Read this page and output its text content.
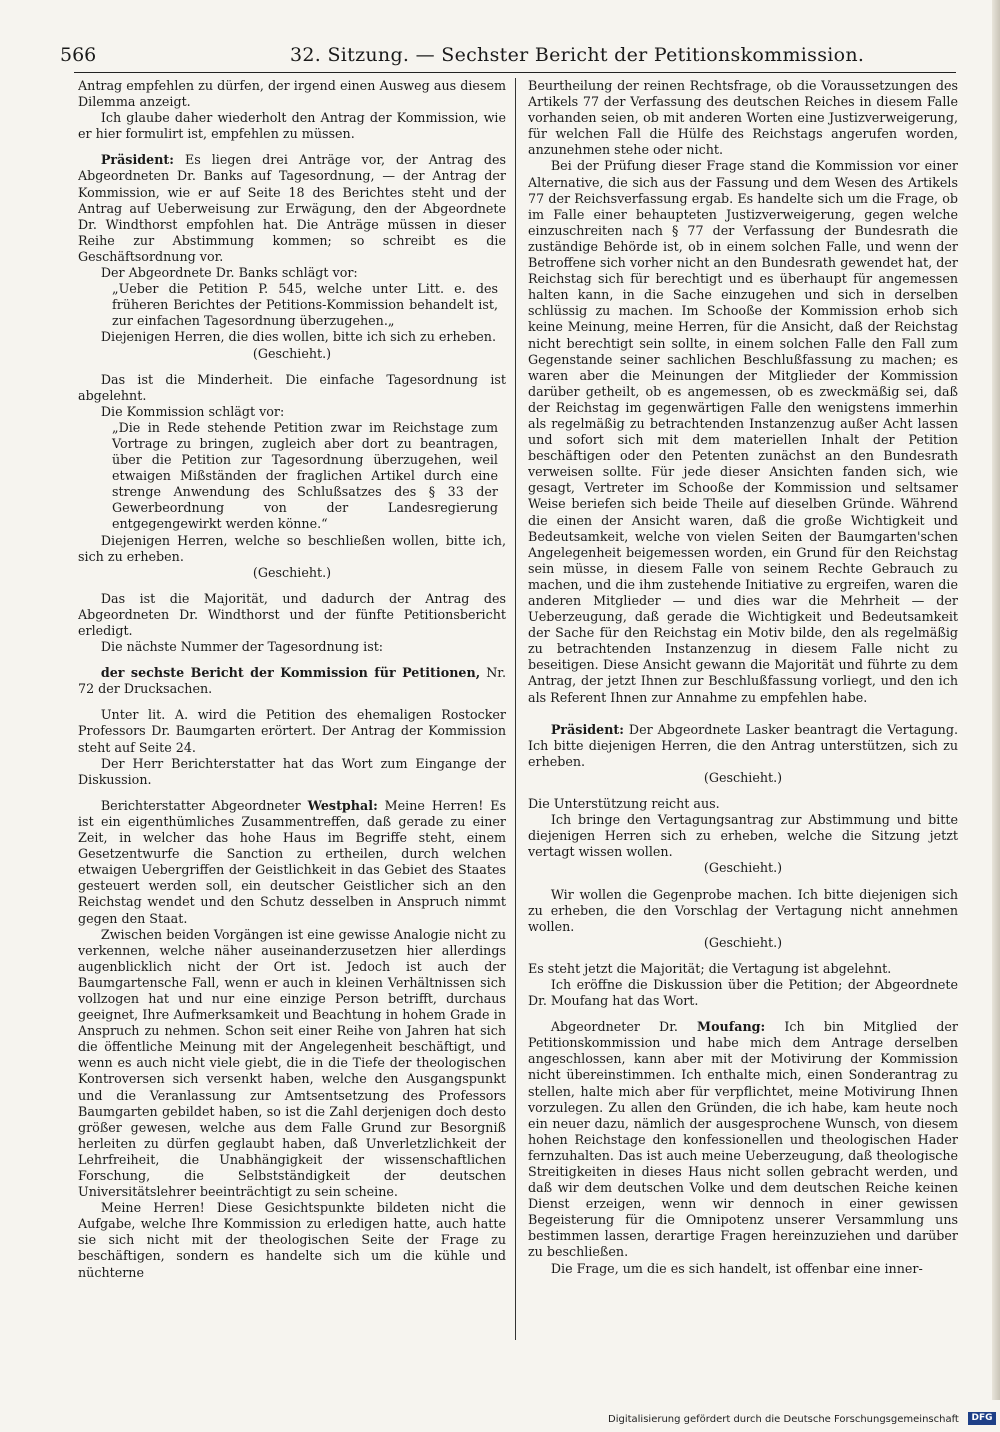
566	32. Sitzung. — Sechster Bericht der Petitionskommission.

Antrag empfehlen zu dürfen, der irgend einen Ausweg aus diesem Dilemma anzeigt.

Ich glaube daher wiederholt den Antrag der Kommission, wie er hier formulirt ist, empfehlen zu müssen.

Präsident: Es liegen drei Anträge vor, der Antrag des Abgeordneten Dr. Banks auf Tagesordnung, — der Antrag der Kommission, wie er auf Seite 18 des Berichtes steht und der Antrag auf Ueberweisung zur Erwägung, den der Abgeordnete Dr. Windthorst empfohlen hat. Die Anträge müssen in dieser Reihe zur Abstimmung kommen; so schreibt es die Geschäftsordnung vor.

Der Abgeordnete Dr. Banks schlägt vor:

„Ueber die Petition P. 545, welche unter Litt. e. des früheren Berichtes der Petitions-Kommission behandelt ist, zur einfachen Tagesordnung überzugehen.„

Diejenigen Herren, die dies wollen, bitte ich sich zu erheben.

(Geschieht.)

Das ist die Minderheit. Die einfache Tagesordnung ist abgelehnt.

Die Kommission schlägt vor:

„Die in Rede stehende Petition zwar im Reichstage zum Vortrage zu bringen, zugleich aber dort zu beantragen, über die Petition zur Tagesordnung überzugehen, weil etwaigen Mißständen der fraglichen Artikel durch eine strenge Anwendung des Schlußsatzes des § 33 der Gewerbeordnung von der Landesregierung entgegengewirkt werden könne.“

Diejenigen Herren, welche so beschließen wollen, bitte ich, sich zu erheben.

(Geschieht.)

Das ist die Majorität, und dadurch der Antrag des Abgeordneten Dr. Windthorst und der fünfte Petitionsbericht erledigt.

Die nächste Nummer der Tagesordnung ist:

der sechste Bericht der Kommission für Petitionen, Nr. 72 der Drucksachen.

Unter lit. A. wird die Petition des ehemaligen Rostocker Professors Dr. Baumgarten erörtert. Der Antrag der Kommission steht auf Seite 24.

Der Herr Berichterstatter hat das Wort zum Eingange der Diskussion.

Berichterstatter Abgeordneter Westphal: Meine Herren! Es ist ein eigenthümliches Zusammentreffen, daß gerade zu einer Zeit, in welcher das hohe Haus im Begriffe steht, einem Gesetzentwurfe die Sanction zu ertheilen, durch welchen etwaigen Uebergriffen der Geistlichkeit in das Gebiet des Staates gesteuert werden soll, ein deutscher Geistlicher sich an den Reichstag wendet und den Schutz desselben in Anspruch nimmt gegen den Staat.

Zwischen beiden Vorgängen ist eine gewisse Analogie nicht zu verkennen, welche näher auseinanderzusetzen hier allerdings augenblicklich nicht der Ort ist. Jedoch ist auch der Baumgartensche Fall, wenn er auch in kleinen Verhältnissen sich vollzogen hat und nur eine einzige Person betrifft, durchaus geeignet, Ihre Aufmerksamkeit und Beachtung in hohem Grade in Anspruch zu nehmen. Schon seit einer Reihe von Jahren hat sich die öffentliche Meinung mit der Angelegenheit beschäftigt, und wenn es auch nicht viele giebt, die in die Tiefe der theologischen Kontroversen sich versenkt haben, welche den Ausgangspunkt und die Veranlassung zur Amtsentsetzung des Professors Baumgarten gebildet haben, so ist die Zahl derjenigen doch desto größer gewesen, welche aus dem Falle Grund zur Besorgniß herleiten zu dürfen geglaubt haben, daß Unverletzlichkeit der Lehrfreiheit, die Unabhängigkeit der wissenschaftlichen Forschung, die Selbstständigkeit der deutschen Universitätslehrer beeinträchtigt zu sein scheine.

Meine Herren! Diese Gesichtspunkte bildeten nicht die Aufgabe, welche Ihre Kommission zu erledigen hatte, auch hatte sie sich nicht mit der theologischen Seite der Frage zu beschäftigen, sondern es handelte sich um die kühle und nüchterne

Beurtheilung der reinen Rechtsfrage, ob die Voraussetzungen des Artikels 77 der Verfassung des deutschen Reiches in diesem Falle vorhanden seien, ob mit anderen Worten eine Justizverweigerung, für welchen Fall die Hülfe des Reichstags angerufen worden, anzunehmen stehe oder nicht.

Bei der Prüfung dieser Frage stand die Kommission vor einer Alternative, die sich aus der Fassung und dem Wesen des Artikels 77 der Reichsverfassung ergab. Es handelte sich um die Frage, ob im Falle einer behaupteten Justizverweigerung, gegen welche einzuschreiten nach § 77 der Verfassung der Bundesrath die zuständige Behörde ist, ob in einem solchen Falle, und wenn der Betroffene sich vorher nicht an den Bundesrath gewendet hat, der Reichstag sich für berechtigt und es überhaupt für angemessen halten kann, in die Sache einzugehen und sich in derselben schlüssig zu machen. Im Schooße der Kommission erhob sich keine Meinung, meine Herren, für die Ansicht, daß der Reichstag nicht berechtigt sein sollte, in einem solchen Falle den Fall zum Gegenstande seiner sachlichen Beschlußfassung zu machen; es waren aber die Meinungen der Mitglieder der Kommission darüber getheilt, ob es angemessen, ob es zweckmäßig sei, daß der Reichstag im gegenwärtigen Falle den wenigstens immerhin als regelmäßig zu betrachtenden Instanzenzug außer Acht lassen und sofort sich mit dem materiellen Inhalt der Petition beschäftigen oder den Petenten zunächst an den Bundesrath verweisen sollte. Für jede dieser Ansichten fanden sich, wie gesagt, Vertreter im Schooße der Kommission und seltsamer Weise beriefen sich beide Theile auf dieselben Gründe. Während die einen der Ansicht waren, daß die große Wichtigkeit und Bedeutsamkeit, welche von vielen Seiten der Baumgarten'schen Angelegenheit beigemessen worden, ein Grund für den Reichstag sein müsse, in diesem Falle von seinem Rechte Gebrauch zu machen, und die ihm zustehende Initiative zu ergreifen, waren die anderen Mitglieder — und dies war die Mehrheit — der Ueberzeugung, daß gerade die Wichtigkeit und Bedeutsamkeit der Sache für den Reichstag ein Motiv bilde, den als regelmäßig zu betrachtenden Instanzenzug in diesem Falle nicht zu beseitigen. Diese Ansicht gewann die Majorität und führte zu dem Antrag, der jetzt Ihnen zur Beschlußfassung vorliegt, und den ich als Referent Ihnen zur Annahme zu empfehlen habe.

Präsident: Der Abgeordnete Lasker beantragt die Vertagung. Ich bitte diejenigen Herren, die den Antrag unterstützen, sich zu erheben.

(Geschieht.)

Die Unterstützung reicht aus.

Ich bringe den Vertagungsantrag zur Abstimmung und bitte diejenigen Herren sich zu erheben, welche die Sitzung jetzt vertagt wissen wollen.

(Geschieht.)

Wir wollen die Gegenprobe machen. Ich bitte diejenigen sich zu erheben, die den Vorschlag der Vertagung nicht annehmen wollen.

(Geschieht.)

Es steht jetzt die Majorität; die Vertagung ist abgelehnt.

Ich eröffne die Diskussion über die Petition; der Abgeordnete Dr. Moufang hat das Wort.

Abgeordneter Dr. Moufang: Ich bin Mitglied der Petitionskommission und habe mich dem Antrage derselben angeschlossen, kann aber mit der Motivirung der Kommission nicht übereinstimmen. Ich enthalte mich, einen Sonderantrag zu stellen, halte mich aber für verpflichtet, meine Motivirung Ihnen vorzulegen. Zu allen den Gründen, die ich habe, kam heute noch ein neuer dazu, nämlich der ausgesprochene Wunsch, von diesem hohen Reichstage den konfessionellen und theologischen Hader fernzuhalten. Das ist auch meine Ueberzeugung, daß theologische Streitigkeiten in dieses Haus nicht sollen gebracht werden, und daß wir dem deutschen Volke und dem deutschen Reiche keinen Dienst erzeigen, wenn wir dennoch in einer gewissen Begeisterung für die Omnipotenz unserer Versammlung uns bestimmen lassen, derartige Fragen hereinzuziehen und darüber zu beschließen.

Die Frage, um die es sich handelt, ist offenbar eine inner-

Digitalisierung gefördert durch die Deutsche Forschungsgemeinschaft	DFG
